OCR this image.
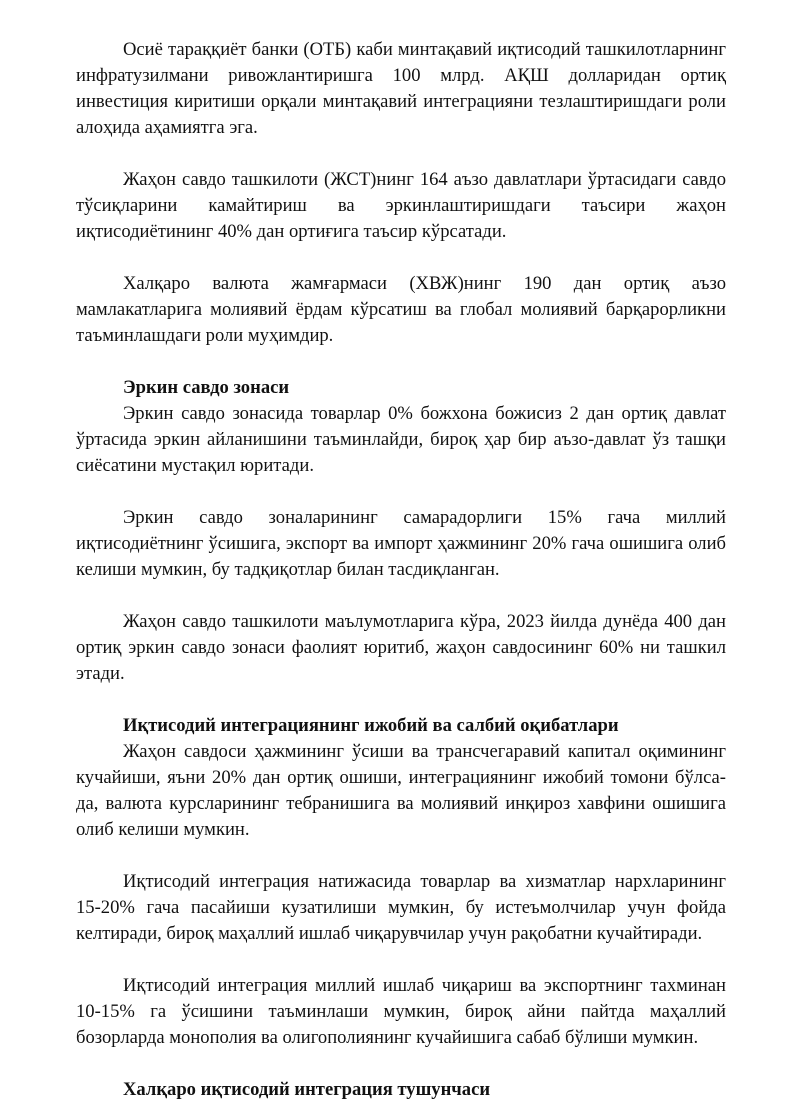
Осиё тараққиёт банки (ОТБ) каби минтақавий иқтисодий ташкилотларнинг инфратузилмани ривожлантиришга 100 млрд. АҚШ долларидан ортиқ инвестиция киритиши орқали минтақавий интеграцияни тезлаштиришдаги роли алоҳида аҳамиятга эга.

Жаҳон савдо ташкилоти (ЖСТ)нинг 164 аъзо давлатлари ўртасидаги савдо тўсиқларини камайтириш ва эркинлаштиришдаги таъсири жаҳон иқтисодиётининг 40% дан ортиғига таъсир кўрсатади.

Халқаро валюта жамғармаси (ХВЖ)нинг 190 дан ортиқ аъзо мамлакатларига молиявий ёрдам кўрсатиш ва глобал молиявий барқарорликни таъминлашдаги роли муҳимдир.

Эркин савдо зонаси

Эркин савдо зонасида товарлар 0% божхона божисиз 2 дан ортиқ давлат ўртасида эркин айланишини таъминлайди, бироқ ҳар бир аъзо-давлат ўз ташқи сиёсатини мустақил юритади.

Эркин савдо зоналарининг самарадорлиги 15% гача миллий иқтисодиётнинг ўсишига, экспорт ва импорт ҳажмининг 20% гача ошишига олиб келиши мумкин, бу тадқиқотлар билан тасдиқланган.

Жаҳон савдо ташкилоти маълумотларига кўра, 2023 йилда дунёда 400 дан ортиқ эркин савдо зонаси фаолият юритиб, жаҳон савдосининг 60% ни ташкил этади.

Иқтисодий интеграциянинг ижобий ва салбий оқибатлари

Жаҳон савдоси ҳажмининг ўсиши ва трансчегаравий капитал оқимининг кучайиши, яъни 20% дан ортиқ ошиши, интеграциянинг ижобий томони бўлса-да, валюта курсларининг тебранишига ва молиявий инқироз хавфини ошишига олиб келиши мумкин.

Иқтисодий интеграция натижасида товарлар ва хизматлар нархларининг 15-20% гача пасайиши кузатилиши мумкин, бу истеъмолчилар учун фойда келтиради, бироқ маҳаллий ишлаб чиқарувчилар учун рақобатни кучайтиради.

Иқтисодий интеграция миллий ишлаб чиқариш ва экспортнинг тахминан 10-15% га ўсишини таъминлаши мумкин, бироқ айни пайтда маҳаллий бозорларда монополия ва олигополиянинг кучайишига сабаб бўлиши мумкин.

Халқаро иқтисодий интеграция тушунчаси
